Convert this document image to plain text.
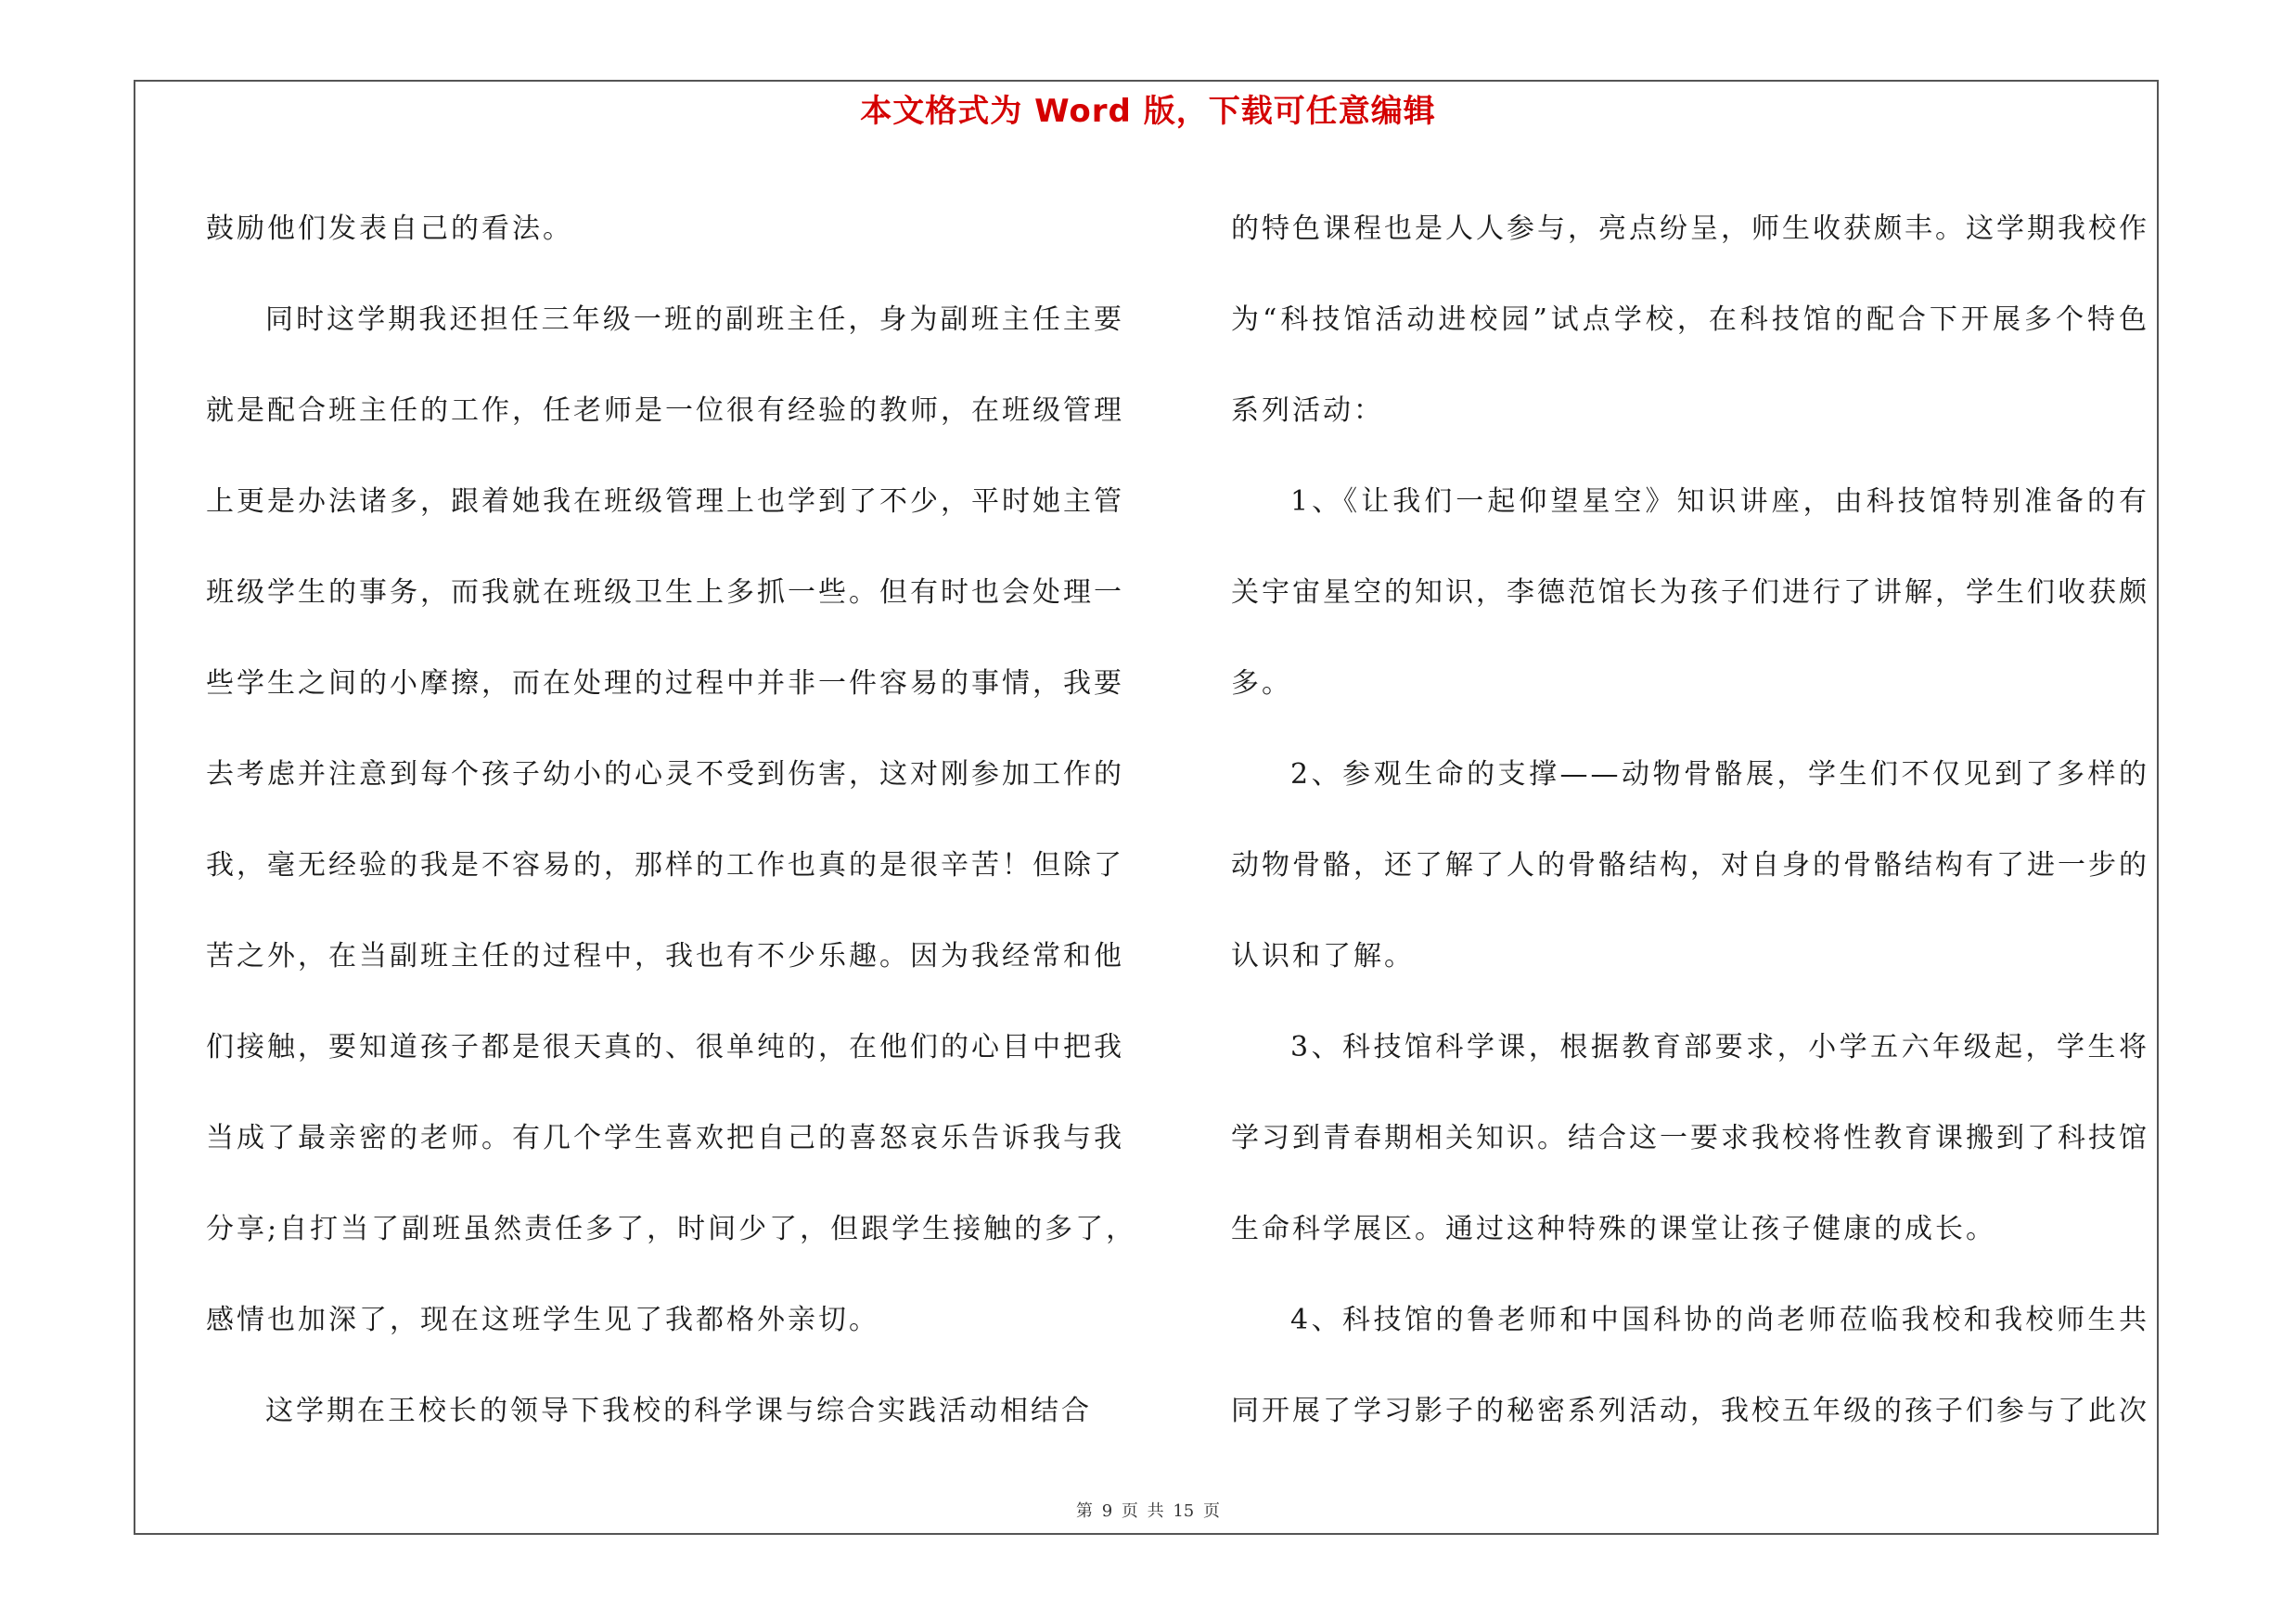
本文格式为 Word 版，下载可任意编辑
鼓励他们发表自己的看法。
同时这学期我还担任三年级一班的副班主任，身为副班主任主要
就是配合班主任的工作，任老师是一位很有经验的教师，在班级管理
上更是办法诸多，跟着她我在班级管理上也学到了不少，平时她主管
班级学生的事务，而我就在班级卫生上多抓一些。但有时也会处理一
些学生之间的小摩擦，而在处理的过程中并非一件容易的事情，我要
去考虑并注意到每个孩子幼小的心灵不受到伤害，这对刚参加工作的
我，毫无经验的我是不容易的，那样的工作也真的是很辛苦！但除了
苦之外，在当副班主任的过程中，我也有不少乐趣。因为我经常和他
们接触，要知道孩子都是很天真的、很单纯的，在他们的心目中把我
当成了最亲密的老师。有几个学生喜欢把自己的喜怒哀乐告诉我与我
分享;自打当了副班虽然责任多了，时间少了，但跟学生接触的多了，
感情也加深了，现在这班学生见了我都格外亲切。
这学期在王校长的领导下我校的科学课与综合实践活动相结合
的特色课程也是人人参与，亮点纷呈，师生收获颇丰。这学期我校作
为“科技馆活动进校园”试点学校，在科技馆的配合下开展多个特色
系列活动：
1、《让我们一起仰望星空》知识讲座，由科技馆特别准备的有
关宇宙星空的知识，李德范馆长为孩子们进行了讲解，学生们收获颇
多。
2、参观生命的支撑——动物骨骼展，学生们不仅见到了多样的
动物骨骼，还了解了人的骨骼结构，对自身的骨骼结构有了进一步的
认识和了解。
3、科技馆科学课，根据教育部要求，小学五六年级起，学生将
学习到青春期相关知识。结合这一要求我校将性教育课搬到了科技馆
生命科学展区。通过这种特殊的课堂让孩子健康的成长。
4、科技馆的鲁老师和中国科协的尚老师莅临我校和我校师生共
同开展了学习影子的秘密系列活动，我校五年级的孩子们参与了此次
第 9 页 共 15 页
